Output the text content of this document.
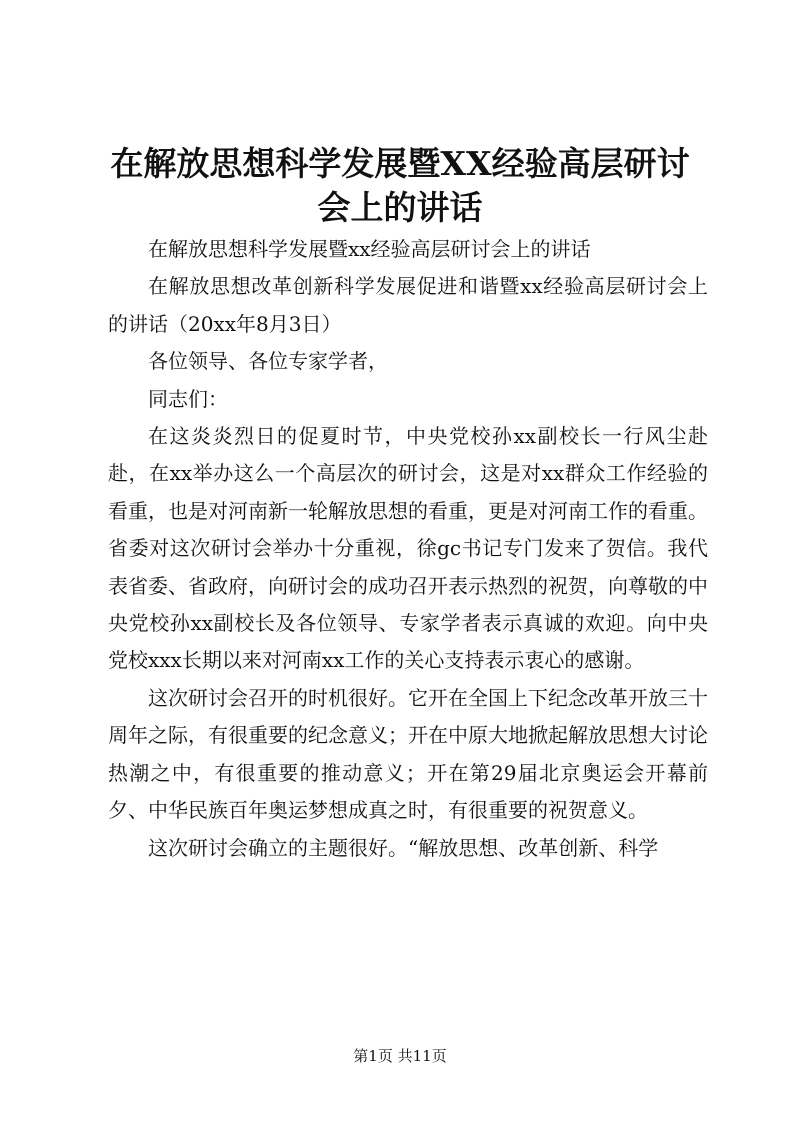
在解放思想科学发展暨XX经验高层研讨会上的讲话

在解放思想科学发展暨xx经验高层研讨会上的讲话

在解放思想改革创新科学发展促进和谐暨xx经验高层研讨会上的讲话（20xx年8月3日）

各位领导、各位专家学者，

同志们：

在这炎炎烈日的促夏时节，中央党校孙xx副校长一行风尘赴赴，在xx举办这么一个高层次的研讨会，这是对xx群众工作经验的看重，也是对河南新一轮解放思想的看重，更是对河南工作的看重。省委对这次研讨会举办十分重视，徐gc书记专门发来了贺信。我代表省委、省政府，向研讨会的成功召开表示热烈的祝贺，向尊敬的中央党校孙xx副校长及各位领导、专家学者表示真诚的欢迎。向中央党校xxx长期以来对河南xx工作的关心支持表示衷心的感谢。

这次研讨会召开的时机很好。它开在全国上下纪念改革开放三十周年之际，有很重要的纪念意义；开在中原大地掀起解放思想大讨论热潮之中，有很重要的推动意义；开在第29届北京奥运会开幕前夕、中华民族百年奥运梦想成真之时，有很重要的祝贺意义。

这次研讨会确立的主题很好。“解放思想、改革创新、科学

第1页 共11页
